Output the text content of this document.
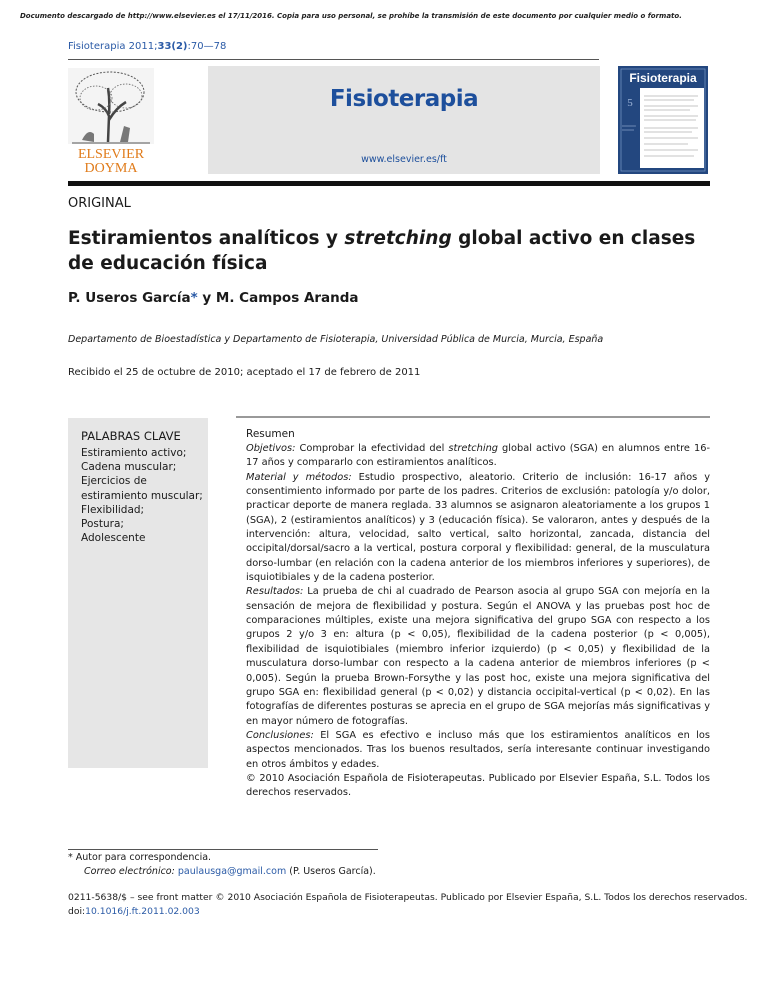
Documento descargado de http://www.elsevier.es el 17/11/2016. Copia para uso personal, se prohíbe la transmisión de este documento por cualquier medio o formato.
Fisioterapia 2011;33(2):70—78
ELSEVIER
DOYMA
Fisioterapia
www.elsevier.es/ft
Fisioterapia
5
ORIGINAL
Estiramientos analíticos y stretching global activo en clases de educación física
P. Useros García* y M. Campos Aranda
Departamento de Bioestadística y Departamento de Fisioterapia, Universidad Pública de Murcia, Murcia, España
Recibido el 25 de octubre de 2010; aceptado el 17 de febrero de 2011
PALABRAS CLAVE
Estiramiento activo;
Cadena muscular;
Ejercicios de estiramiento muscular;
Flexibilidad;
Postura;
Adolescente
Resumen
Objetivos: Comprobar la efectividad del stretching global activo (SGA) en alumnos entre 16-17 años y compararlo con estiramientos analíticos.
Material y métodos: Estudio prospectivo, aleatorio. Criterio de inclusión: 16-17 años y consentimiento informado por parte de los padres. Criterios de exclusión: patología y/o dolor, practicar deporte de manera reglada. 33 alumnos se asignaron aleatoriamente a los grupos 1 (SGA), 2 (estiramientos analíticos) y 3 (educación física). Se valoraron, antes y después de la intervención: altura, velocidad, salto vertical, salto horizontal, zancada, distancia del occipital/dorsal/sacro a la vertical, postura corporal y flexibilidad: general, de la musculatura dorso-lumbar (en relación con la cadena anterior de los miembros inferiores y superiores), de isquiotibiales y de la cadena posterior.
Resultados: La prueba de chi al cuadrado de Pearson asocia al grupo SGA con mejoría en la sensación de mejora de flexibilidad y postura. Según el ANOVA y las pruebas post hoc de comparaciones múltiples, existe una mejora significativa del grupo SGA con respecto a los grupos 2 y/o 3 en: altura (p < 0,05), flexibilidad de la cadena posterior (p < 0,005), flexibilidad de isquiotibiales (miembro inferior izquierdo) (p < 0,05) y flexibilidad de la musculatura dorso-lumbar con respecto a la cadena anterior de miembros inferiores (p < 0,005). Según la prueba Brown-Forsythe y las post hoc, existe una mejora significativa del grupo SGA en: flexibilidad general (p < 0,02) y distancia occipital-vertical (p < 0,02). En las fotografías de diferentes posturas se aprecia en el grupo de SGA mejorías más significativas y en mayor número de fotografías.
Conclusiones: El SGA es efectivo e incluso más que los estiramientos analíticos en los aspectos mencionados. Tras los buenos resultados, sería interesante continuar investigando en otros ámbitos y edades.
© 2010 Asociación Española de Fisioterapeutas. Publicado por Elsevier España, S.L. Todos los derechos reservados.
* Autor para correspondencia.
Correo electrónico: paulausga@gmail.com (P. Useros García).
0211-5638/$ – see front matter © 2010 Asociación Española de Fisioterapeutas. Publicado por Elsevier España, S.L. Todos los derechos reservados.
doi:10.1016/j.ft.2011.02.003
